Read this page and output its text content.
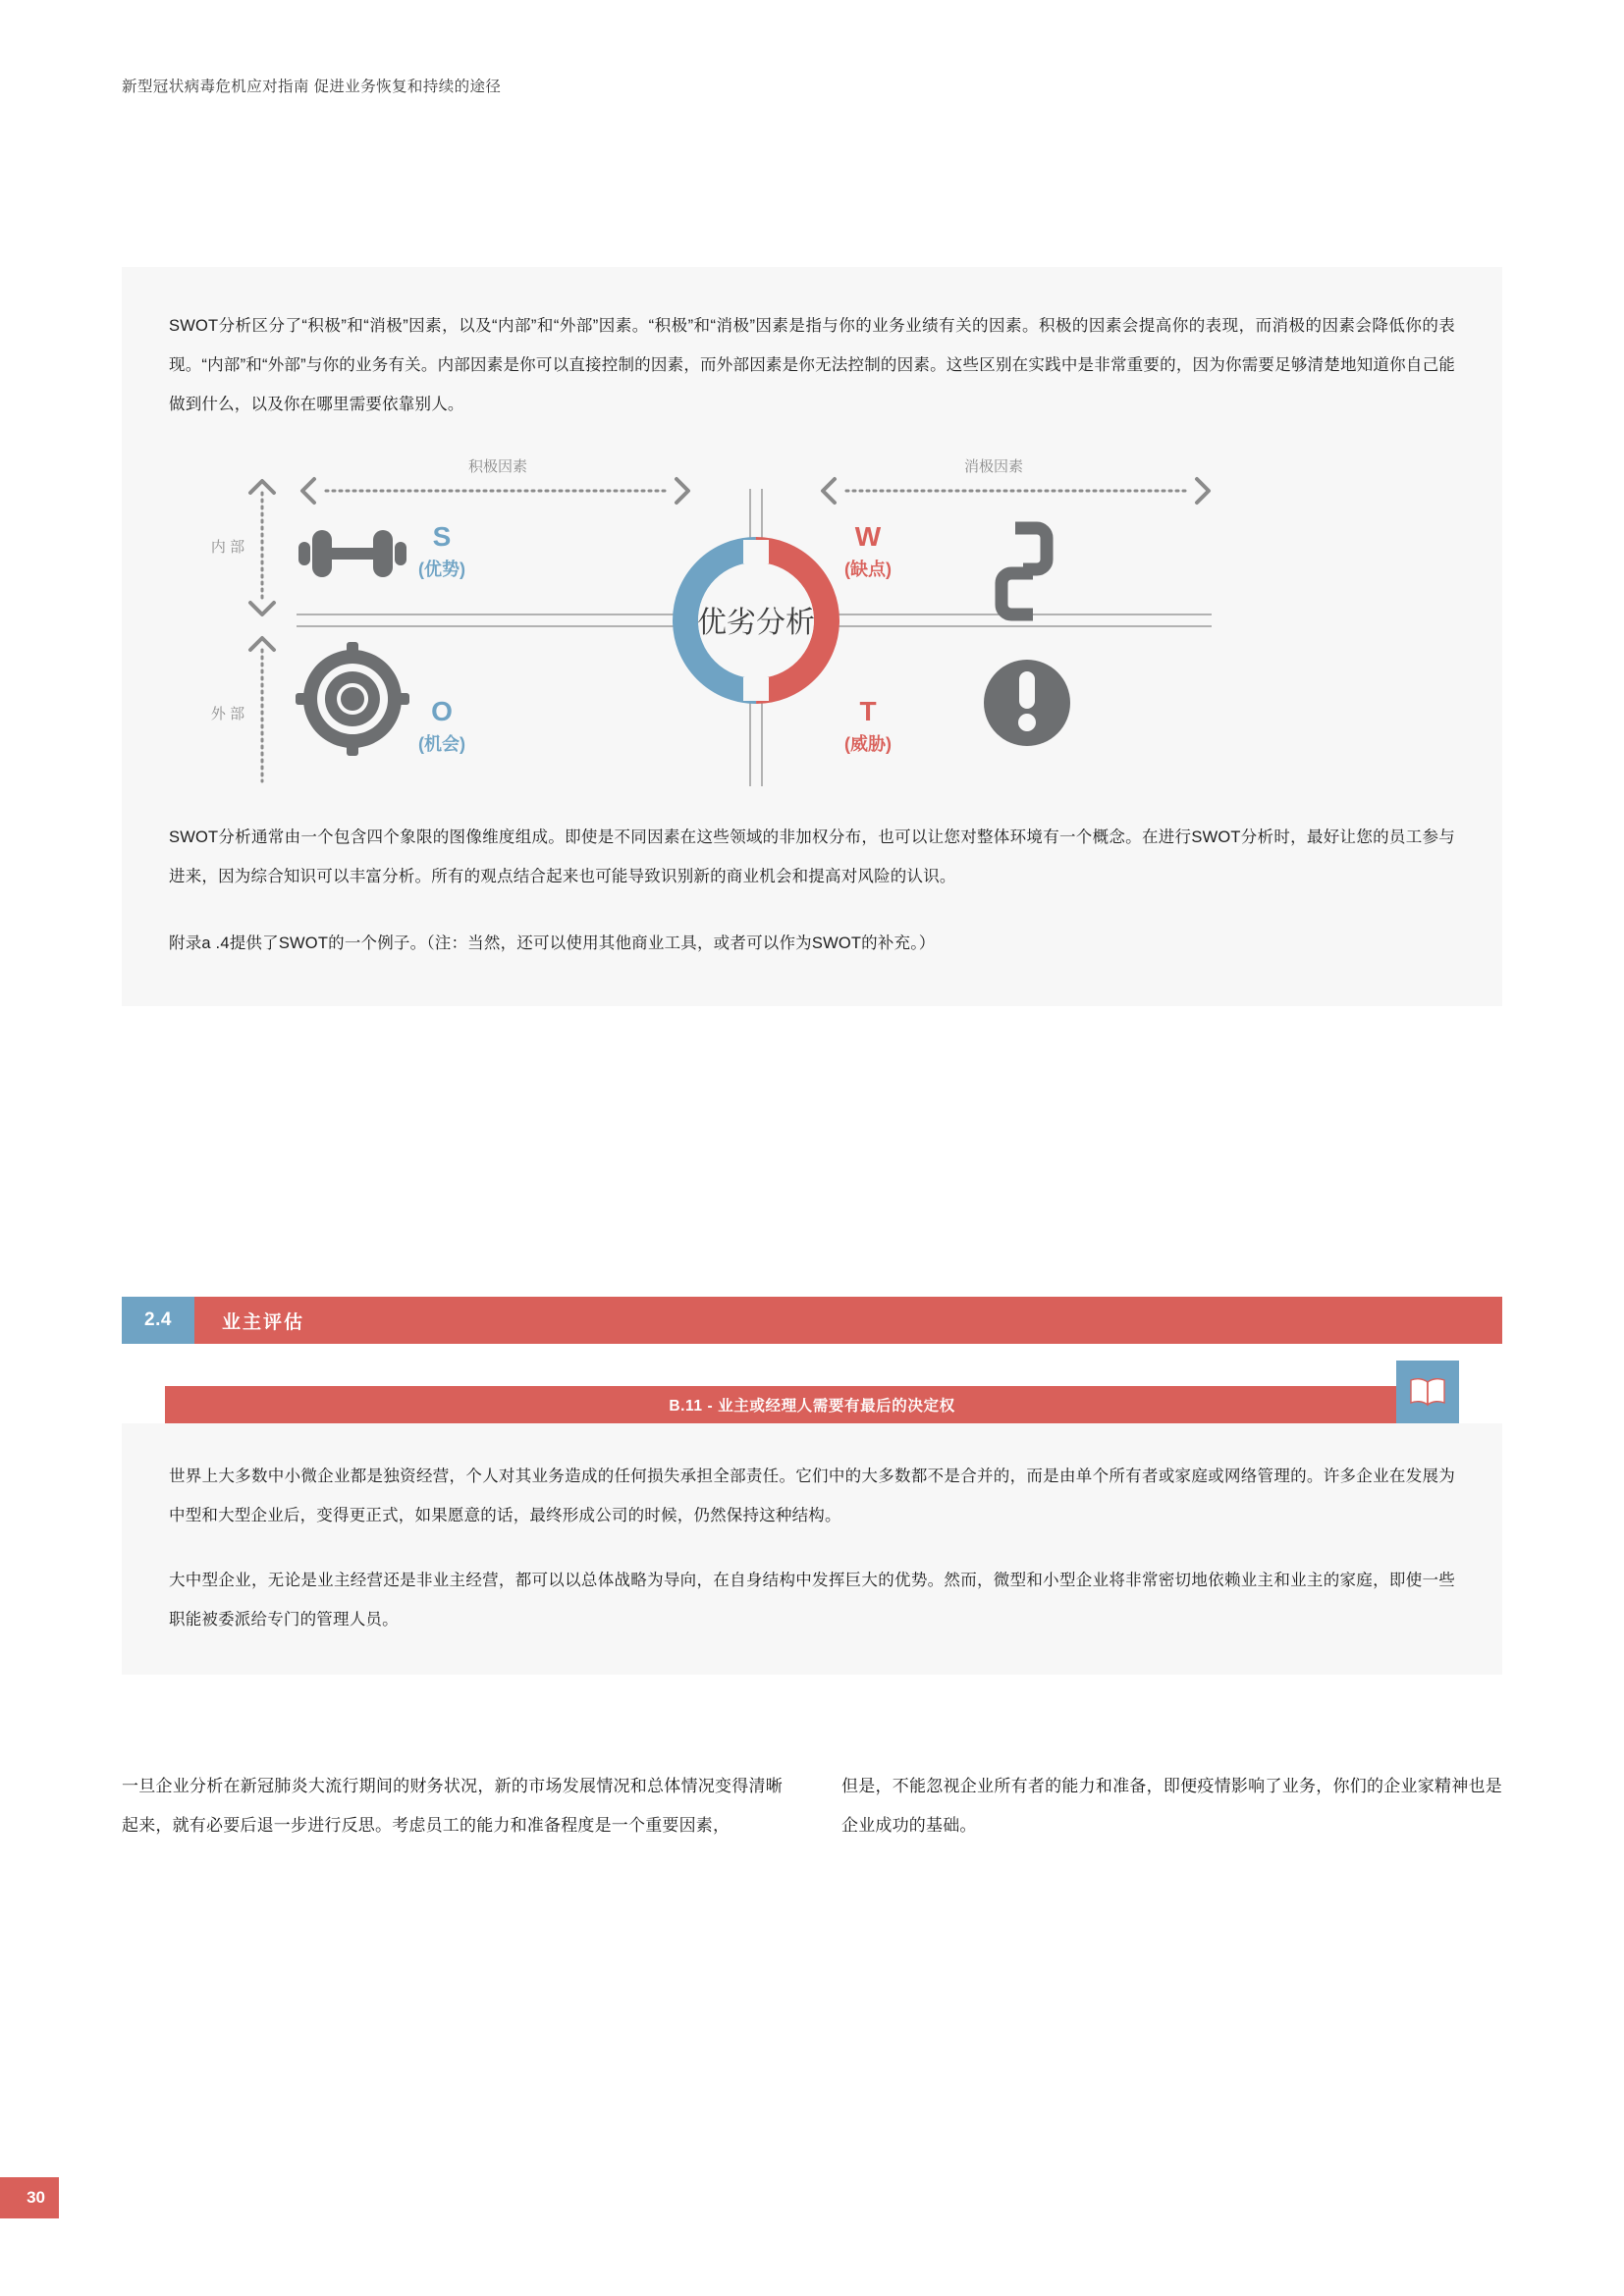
新型冠状病毒危机应对指南 促进业务恢复和持续的途径
SWOT分析区分了“积极”和“消极”因素，以及“内部”和“外部”因素。“积极”和“消极”因素是指与你的业务业绩有关的因素。积极的因素会提高你的表现，而消极的因素会降低你的表现。“内部”和“外部”与你的业务有关。内部因素是你可以直接控制的因素，而外部因素是你无法控制的因素。这些区别在实践中是非常重要的，因为你需要足够清楚地知道你自己能做到什么，以及你在哪里需要依靠别人。
积极因素	消极因素
内 部
外 部
优劣分析
S
(优势)
W
(缺点)
O
(机会)
T
(威胁)
SWOT分析通常由一个包含四个象限的图像维度组成。即使是不同因素在这些领域的非加权分布，也可以让您对整体环境有一个概念。在进行SWOT分析时，最好让您的员工参与进来，因为综合知识可以丰富分析。所有的观点结合起来也可能导致识别新的商业机会和提高对风险的认识。
附录a .4提供了SWOT的一个例子。（注：当然，还可以使用其他商业工具，或者可以作为SWOT的补充。）
2.4	业主评估
B.11 - 业主或经理人需要有最后的决定权
世界上大多数中小微企业都是独资经营，个人对其业务造成的任何损失承担全部责任。它们中的大多数都不是合并的，而是由单个所有者或家庭或网络管理的。许多企业在发展为中型和大型企业后，变得更正式，如果愿意的话，最终形成公司的时候，仍然保持这种结构。
大中型企业，无论是业主经营还是非业主经营，都可以以总体战略为导向，在自身结构中发挥巨大的优势。然而，微型和小型企业将非常密切地依赖业主和业主的家庭，即使一些职能被委派给专门的管理人员。
一旦企业分析在新冠肺炎大流行期间的财务状况，新的市场发展情况和总体情况变得清晰起来，就有必要后退一步进行反思。考虑员工的能力和准备程度是一个重要因素，
但是，不能忽视企业所有者的能力和准备，即便疫情影响了业务，你们的企业家精神也是企业成功的基础。
30
